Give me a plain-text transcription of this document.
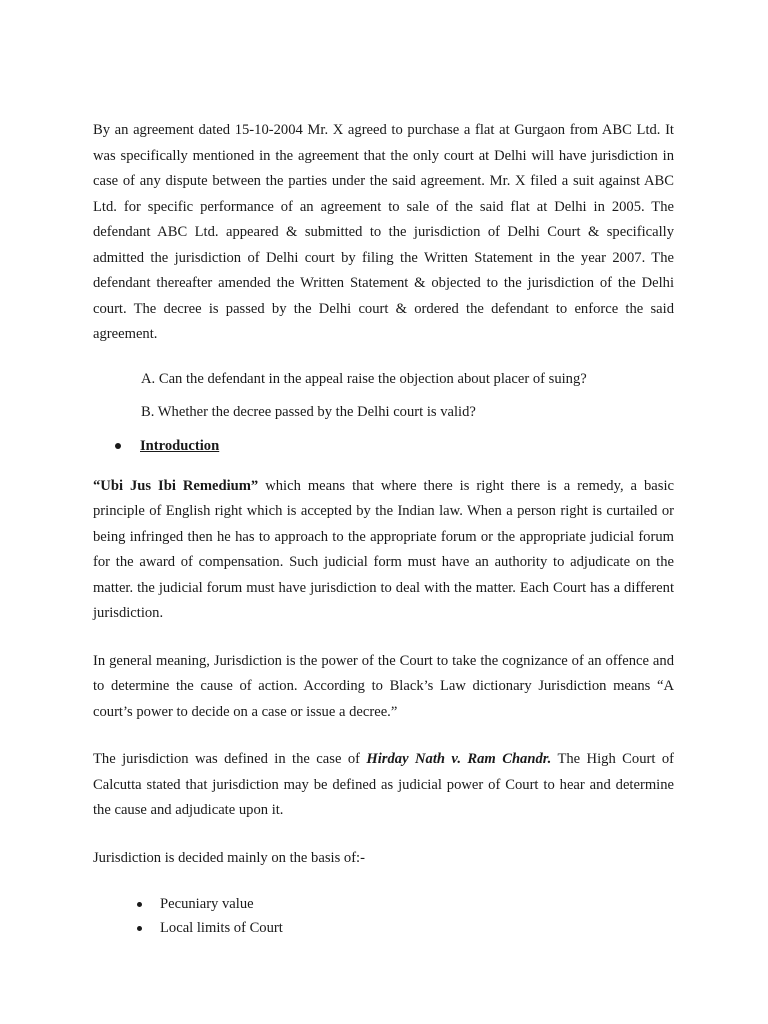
By an agreement dated 15-10-2004 Mr. X agreed to purchase a flat at Gurgaon from ABC Ltd. It was specifically mentioned in the agreement that the only court at Delhi will have jurisdiction in case of any dispute between the parties under the said agreement. Mr. X filed a suit against ABC Ltd. for specific performance of an agreement to sale of the said flat at Delhi in 2005. The defendant ABC Ltd. appeared & submitted to the jurisdiction of Delhi Court & specifically admitted the jurisdiction of Delhi court by filing the Written Statement in the year 2007. The defendant thereafter amended the Written Statement & objected to the jurisdiction of the Delhi court. The decree is passed by the Delhi court & ordered the defendant to enforce the said agreement.

A. Can the defendant in the appeal raise the objection about placer of suing?
B. Whether the decree passed by the Delhi court is valid?
Introduction

“Ubi Jus Ibi Remedium” which means that where there is right there is a remedy, a basic principle of English right which is accepted by the Indian law. When a person right is curtailed or being infringed then he has to approach to the appropriate forum or the appropriate judicial forum for the award of compensation. Such judicial form must have an authority to adjudicate on the matter. the judicial forum must have jurisdiction to deal with the matter. Each Court has a different jurisdiction.

In general meaning, Jurisdiction is the power of the Court to take the cognizance of an offence and to determine the cause of action. According to Black’s Law dictionary Jurisdiction means “A court’s power to decide on a case or issue a decree.”

The jurisdiction was defined in the case of Hirday Nath v. Ram Chandr. The High Court of Calcutta stated that jurisdiction may be defined as judicial power of Court to hear and determine the cause and adjudicate upon it.

Jurisdiction is decided mainly on the basis of:-

Pecuniary value
Local limits of Court
